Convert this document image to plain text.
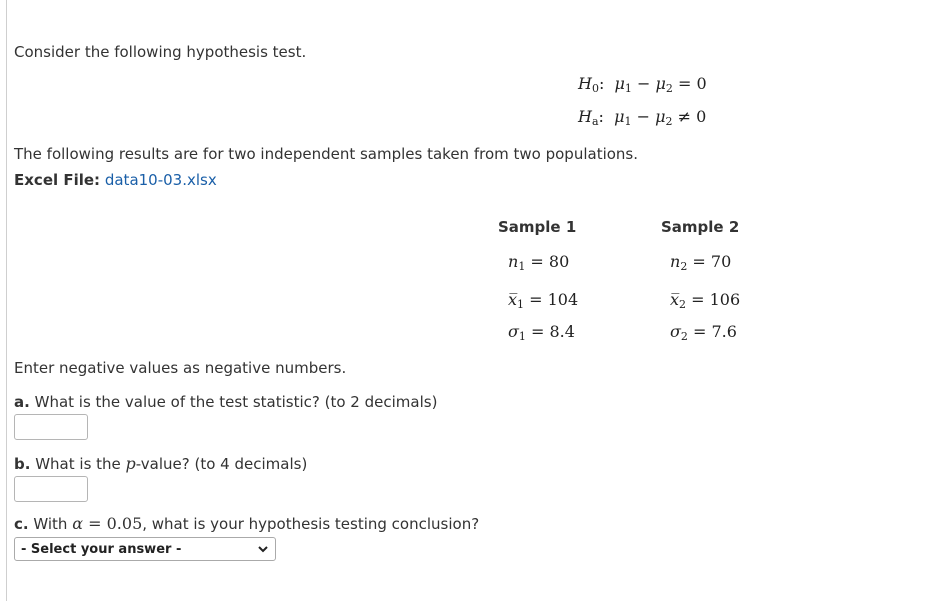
Consider the following hypothesis test.
$H_0$:  $\mu_1 - \mu_2 = 0$
$H_a$:  $\mu_1 - \mu_2 \ne 0$
The following results are for two independent samples taken from two populations.
Excel File: data10-03.xlsx
Sample 1
$n_1 = 80$
$x̅_1 = 104$
$\sigma_1 = 8.4$
Sample 2
$n_2 = 70$
$x̅_2 = 106$
$\sigma_2 = 7.6$
Enter negative values as negative numbers.
a. What is the value of the test statistic? (to 2 decimals)
b. What is the p-value? (to 4 decimals)
c. With α = 0.05, what is your hypothesis testing conclusion?
- Select your answer -
